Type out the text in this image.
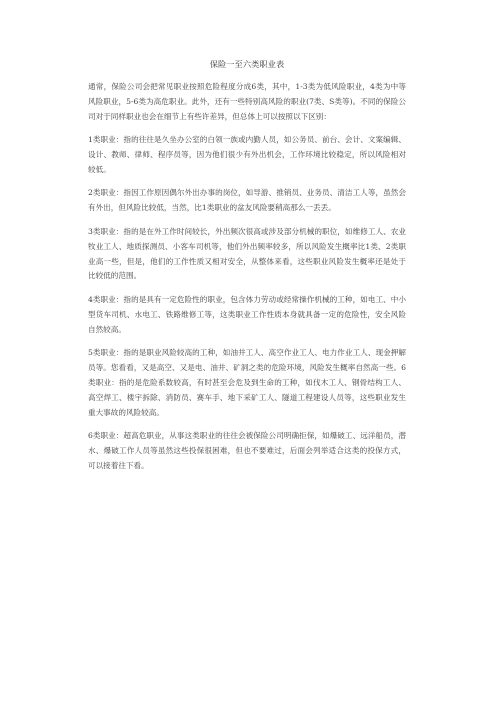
保险一至六类职业表

通常，保险公司会把常见职业按照危险程度分成6类，其中，1-3类为低风险职业，4类为中等风险职业，5-6类为高危职业。此外，还有一些特别高风险的职业(7类、S类等)。不同的保险公司对于同样职业也会在细节上有些许差异，但总体上可以按照以下区别：

1类职业：指的往往是久坐办公室的白领一族或内勤人员，如公务员、前台、会计、文案编辑、设计、教师、律师、程序员等，因为他们很少有外出机会，工作环境比较稳定，所以风险相对较低。

2类职业：指因工作原因偶尔外出办事的岗位，如导游、推销员、业务员、清洁工人等，虽然会有外出，但风险比较低，当然，比1类职业的盆友风险要稍高那么一丢丢。

3类职业：指的是在外工作时间较长，外出频次很高或涉及部分机械的职位，如维修工人、农业牧业工人、地质探测员、小客车司机等，他们外出频率较多，所以风险发生概率比1类、2类职业高一些，但是，他们的工作性质又相对安全，从整体来看，这些职业风险发生概率还是处于比较低的范围。

4类职业：指的是具有一定危险性的职业，包含体力劳动或经常操作机械的工种，如电工、中小型货车司机、水电工、铁路维修工等，这类职业工作性质本身就具备一定的危险性，安全风险自然较高。

5类职业：指的是职业风险较高的工种，如油井工人、高空作业工人、电力作业工人、现金押解员等。您看看，又是高空、又是电、油井、矿洞之类的危险环境，风险发生概率自然高一些。6类职业：指的是危险系数较高，有时甚至会危及到生命的工种，如伐木工人、钢骨结构工人、高空焊工、楼宇拆除、消防员、赛车手、地下采矿工人、隧道工程建设人员等，这些职业发生重大事故的风险较高。

6类职业：超高危职业，从事这类职业的往往会被保险公司明确拒保，如爆破工、远洋船员，潜水、爆破工作人员等虽然这些投保很困难，但也不要难过，后面会列举适合这类的投保方式，可以接着往下看。
